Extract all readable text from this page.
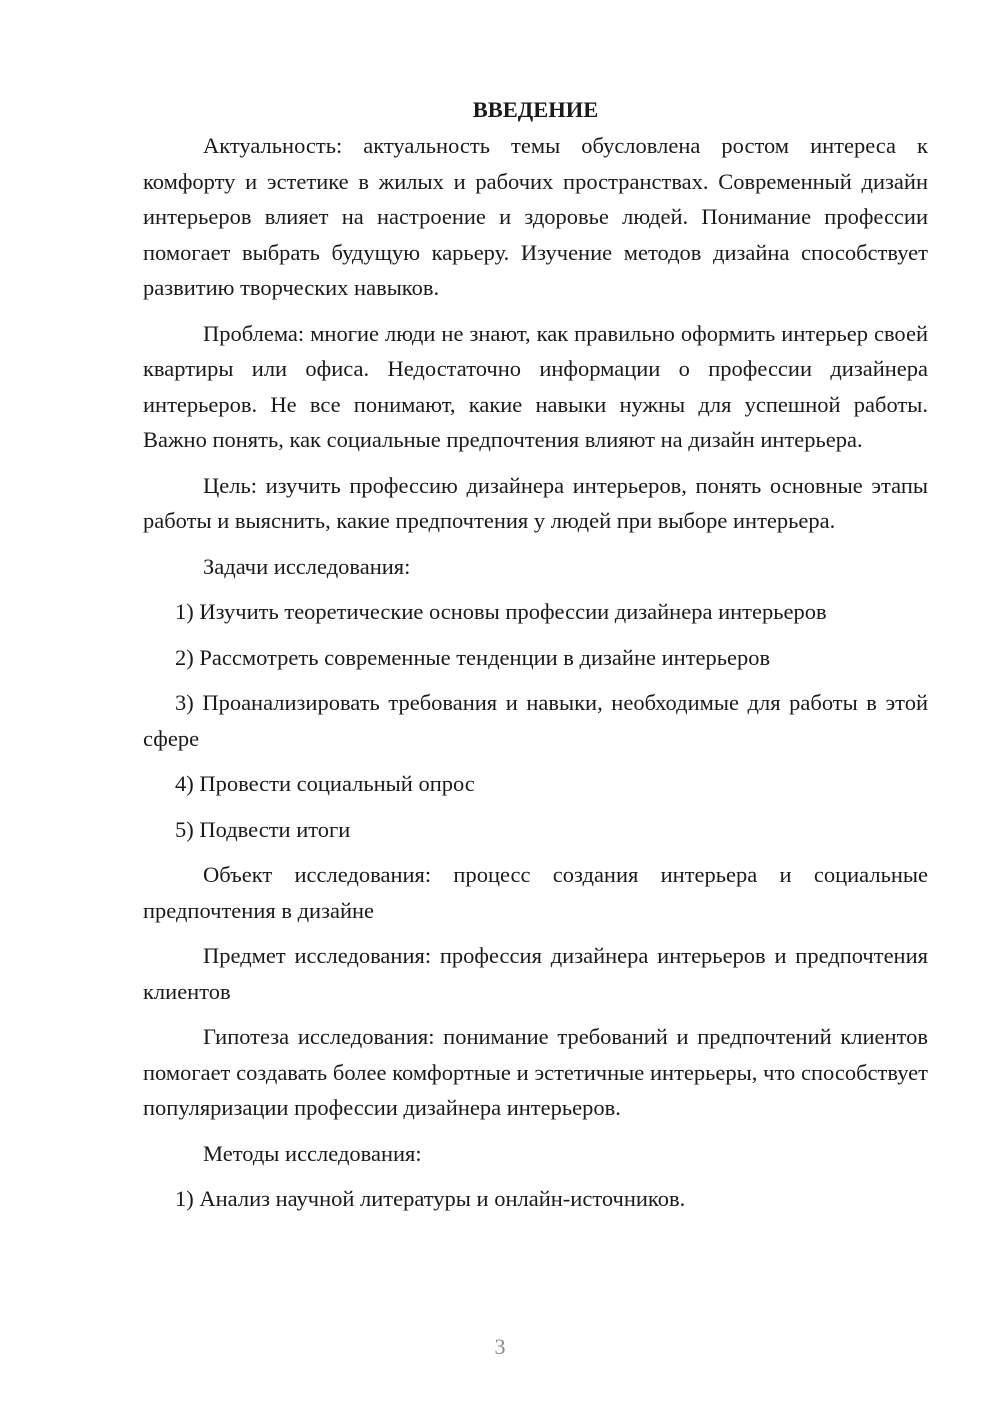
ВВЕДЕНИЕ

Актуальность: актуальность темы обусловлена ростом интереса к комфорту и эстетике в жилых и рабочих пространствах. Современный дизайн интерьеров влияет на настроение и здоровье людей. Понимание профессии помогает выбрать будущую карьеру. Изучение методов дизайна способствует развитию творческих навыков.

Проблема: многие люди не знают, как правильно оформить интерьер своей квартиры или офиса. Недостаточно информации о профессии дизайнера интерьеров. Не все понимают, какие навыки нужны для успешной работы. Важно понять, как социальные предпочтения влияют на дизайн интерьера.

Цель: изучить профессию дизайнера интерьеров, понять основные этапы работы и выяснить, какие предпочтения у людей при выборе интерьера.

Задачи исследования:

1) Изучить теоретические основы профессии дизайнера интерьеров

2) Рассмотреть современные тенденции в дизайне интерьеров

3) Проанализировать требования и навыки, необходимые для работы в этой сфере

4) Провести социальный опрос

5) Подвести итоги

Объект исследования: процесс создания интерьера и социальные предпочтения в дизайне

Предмет исследования: профессия дизайнера интерьеров и предпочтения клиентов

Гипотеза исследования: понимание требований и предпочтений клиентов помогает создавать более комфортные и эстетичные интерьеры, что способствует популяризации профессии дизайнера интерьеров.

Методы исследования:

1) Анализ научной литературы и онлайн-источников.

3
